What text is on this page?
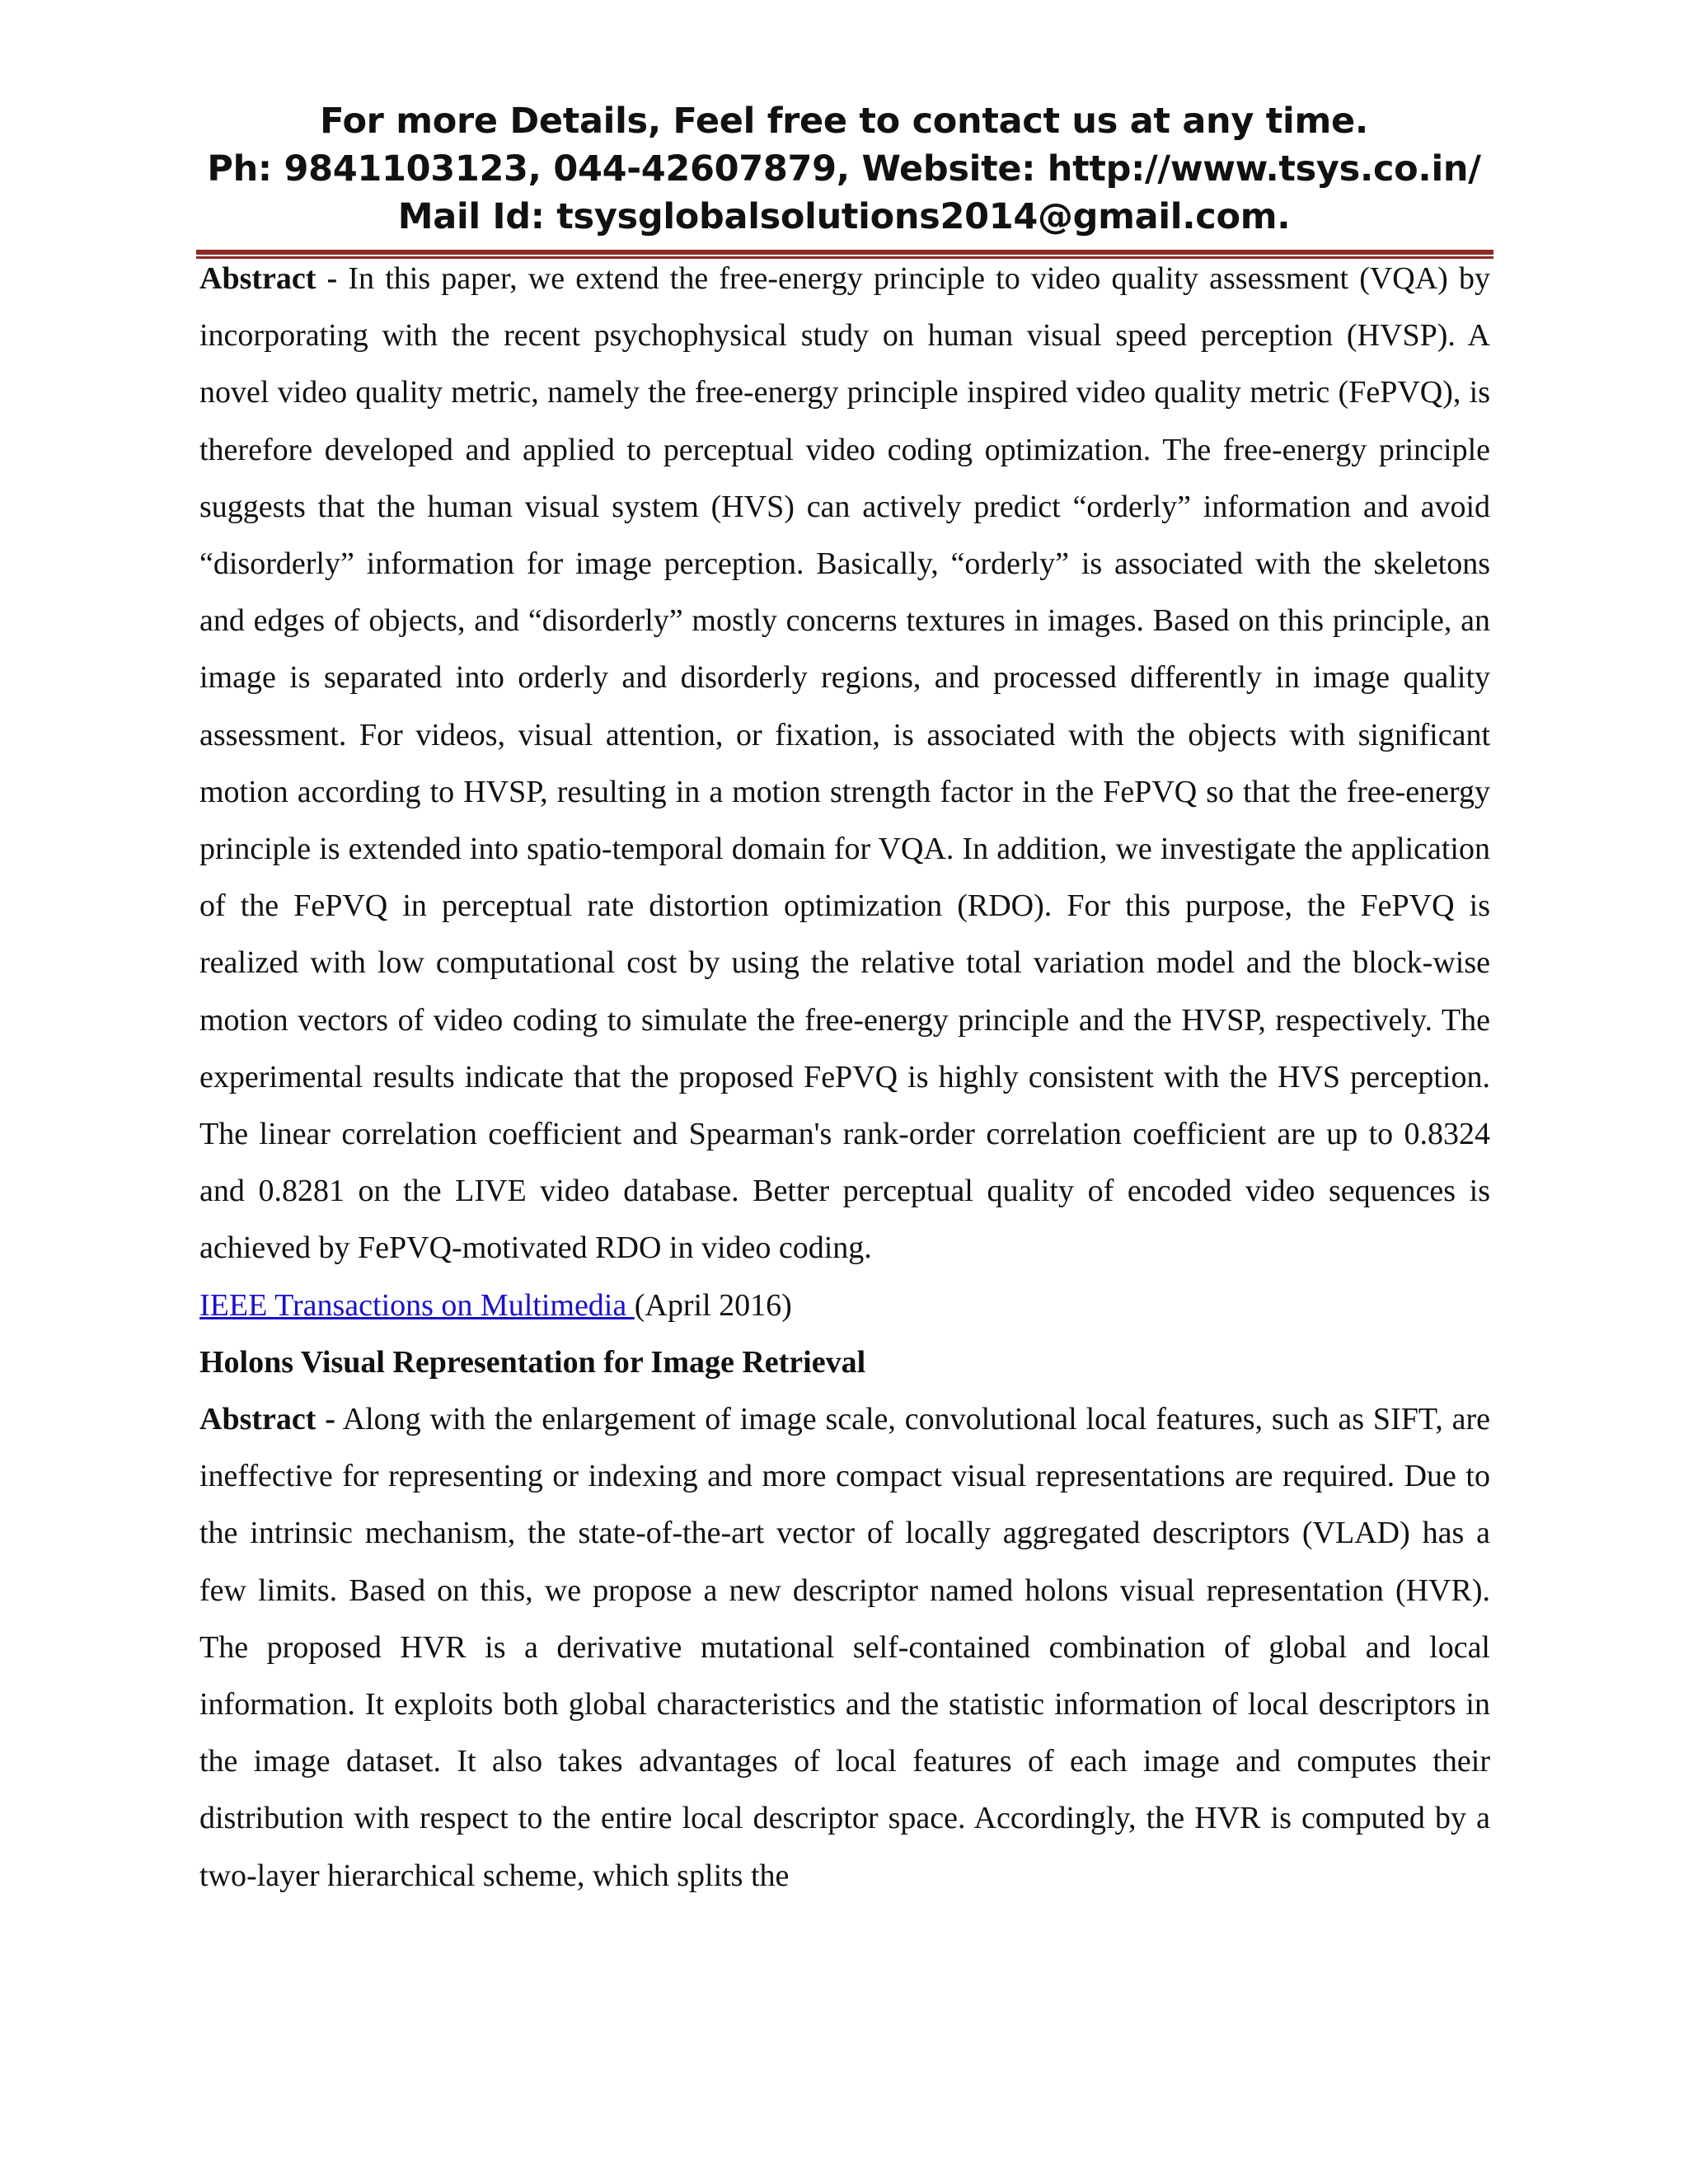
For more Details, Feel free to contact us at any time.
Ph: 9841103123, 044-42607879, Website: http://www.tsys.co.in/
Mail Id: tsysglobalsolutions2014@gmail.com.

Abstract - In this paper, we extend the free-energy principle to video quality assessment (VQA) by incorporating with the recent psychophysical study on human visual speed perception (HVSP). A novel video quality metric, namely the free-energy principle inspired video quality metric (FePVQ), is therefore developed and applied to perceptual video coding optimization. The free-energy principle suggests that the human visual system (HVS) can actively predict “orderly” information and avoid “disorderly” information for image perception. Basically, “orderly” is associated with the skeletons and edges of objects, and “disorderly” mostly concerns textures in images. Based on this principle, an image is separated into orderly and disorderly regions, and processed differently in image quality assessment. For videos, visual attention, or fixation, is associated with the objects with significant motion according to HVSP, resulting in a motion strength factor in the FePVQ so that the free-energy principle is extended into spatio-temporal domain for VQA. In addition, we investigate the application of the FePVQ in perceptual rate distortion optimization (RDO). For this purpose, the FePVQ is realized with low computational cost by using the relative total variation model and the block-wise motion vectors of video coding to simulate the free-energy principle and the HVSP, respectively. The experimental results indicate that the proposed FePVQ is highly consistent with the HVS perception. The linear correlation coefficient and Spearman's rank-order correlation coefficient are up to 0.8324 and 0.8281 on the LIVE video database. Better perceptual quality of encoded video sequences is achieved by FePVQ-motivated RDO in video coding.

IEEE Transactions on Multimedia (April 2016)

Holons Visual Representation for Image Retrieval

Abstract - Along with the enlargement of image scale, convolutional local features, such as SIFT, are ineffective for representing or indexing and more compact visual representations are required. Due to the intrinsic mechanism, the state-of-the-art vector of locally aggregated descriptors (VLAD) has a few limits. Based on this, we propose a new descriptor named holons visual representation (HVR). The proposed HVR is a derivative mutational self-contained combination of global and local information. It exploits both global characteristics and the statistic information of local descriptors in the image dataset. It also takes advantages of local features of each image and computes their distribution with respect to the entire local descriptor space. Accordingly, the HVR is computed by a two-layer hierarchical scheme, which splits the
